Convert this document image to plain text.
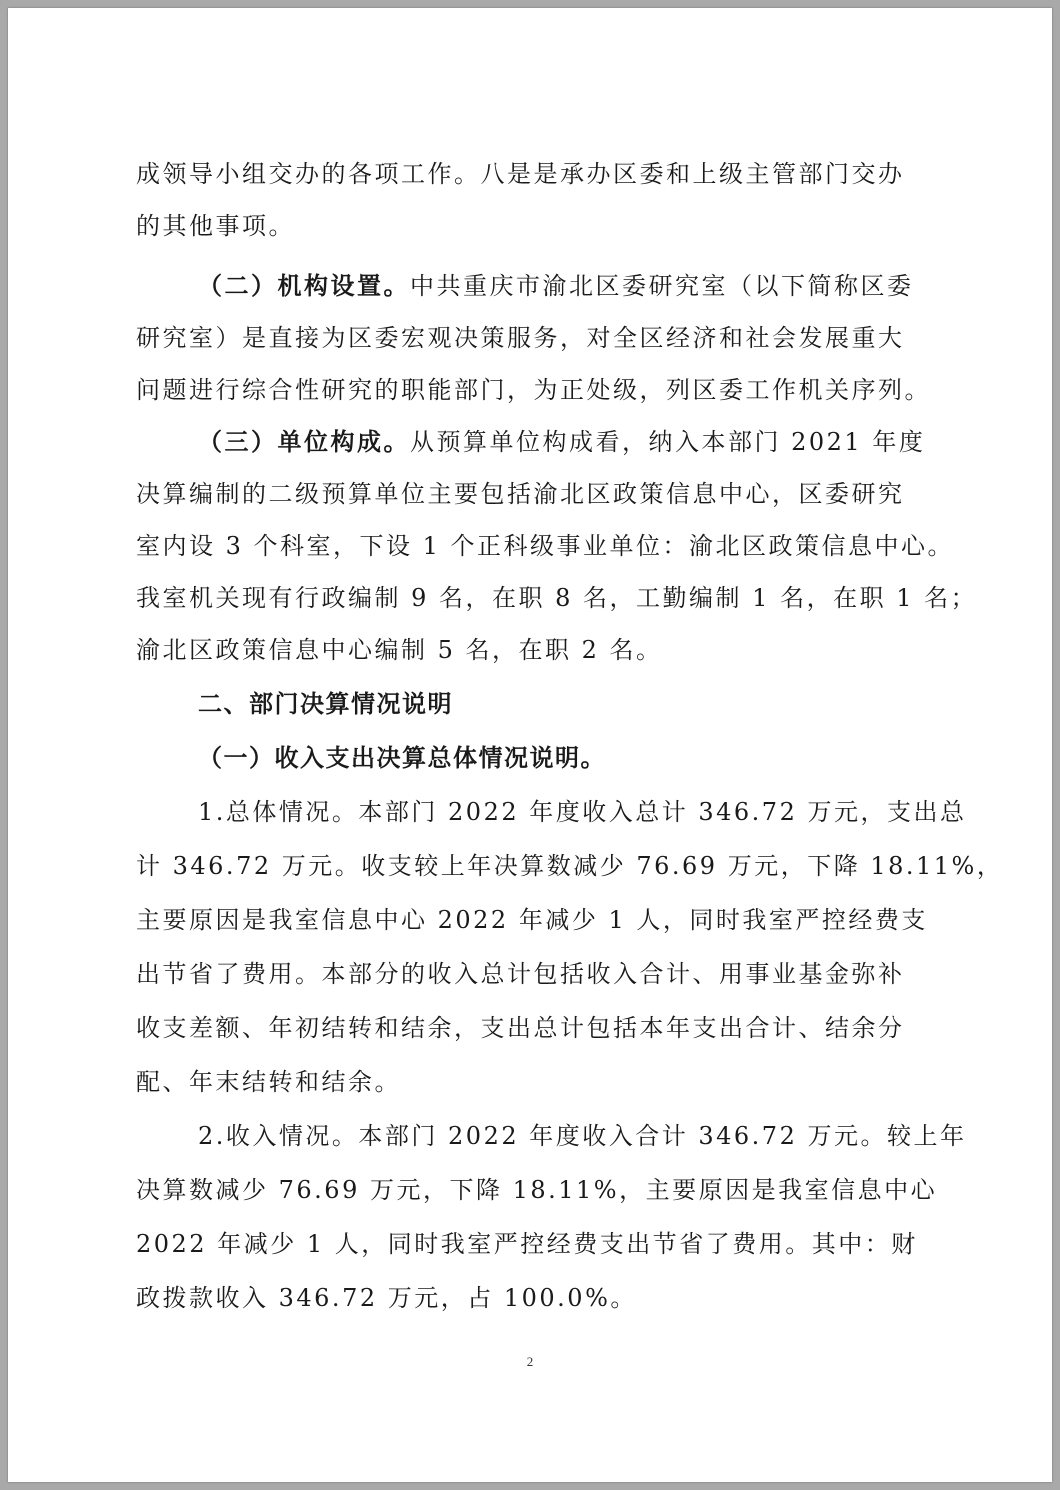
成领导小组交办的各项工作。八是是承办区委和上级主管部门交办
的其他事项。
（二）机构设置。中共重庆市渝北区委研究室（以下简称区委
研究室）是直接为区委宏观决策服务，对全区经济和社会发展重大
问题进行综合性研究的职能部门，为正处级，列区委工作机关序列。
（三）单位构成。从预算单位构成看，纳入本部门 2021 年度
决算编制的二级预算单位主要包括渝北区政策信息中心，区委研究
室内设 3 个科室，下设 1 个正科级事业单位：渝北区政策信息中心。
我室机关现有行政编制 9 名，在职 8 名，工勤编制 1 名，在职 1 名；
渝北区政策信息中心编制 5 名，在职 2 名。
二、部门决算情况说明
（一）收入支出决算总体情况说明。
1.总体情况。本部门 2022 年度收入总计 346.72 万元，支出总
计 346.72 万元。收支较上年决算数减少 76.69 万元，下降 18.11%，
主要原因是我室信息中心 2022 年减少 1 人，同时我室严控经费支
出节省了费用。本部分的收入总计包括收入合计、用事业基金弥补
收支差额、年初结转和结余，支出总计包括本年支出合计、结余分
配、年末结转和结余。
2.收入情况。本部门 2022 年度收入合计 346.72 万元。较上年
决算数减少 76.69 万元，下降 18.11%，主要原因是我室信息中心
2022 年减少 1 人，同时我室严控经费支出节省了费用。其中：财
政拨款收入 346.72 万元，占 100.0%。
2
